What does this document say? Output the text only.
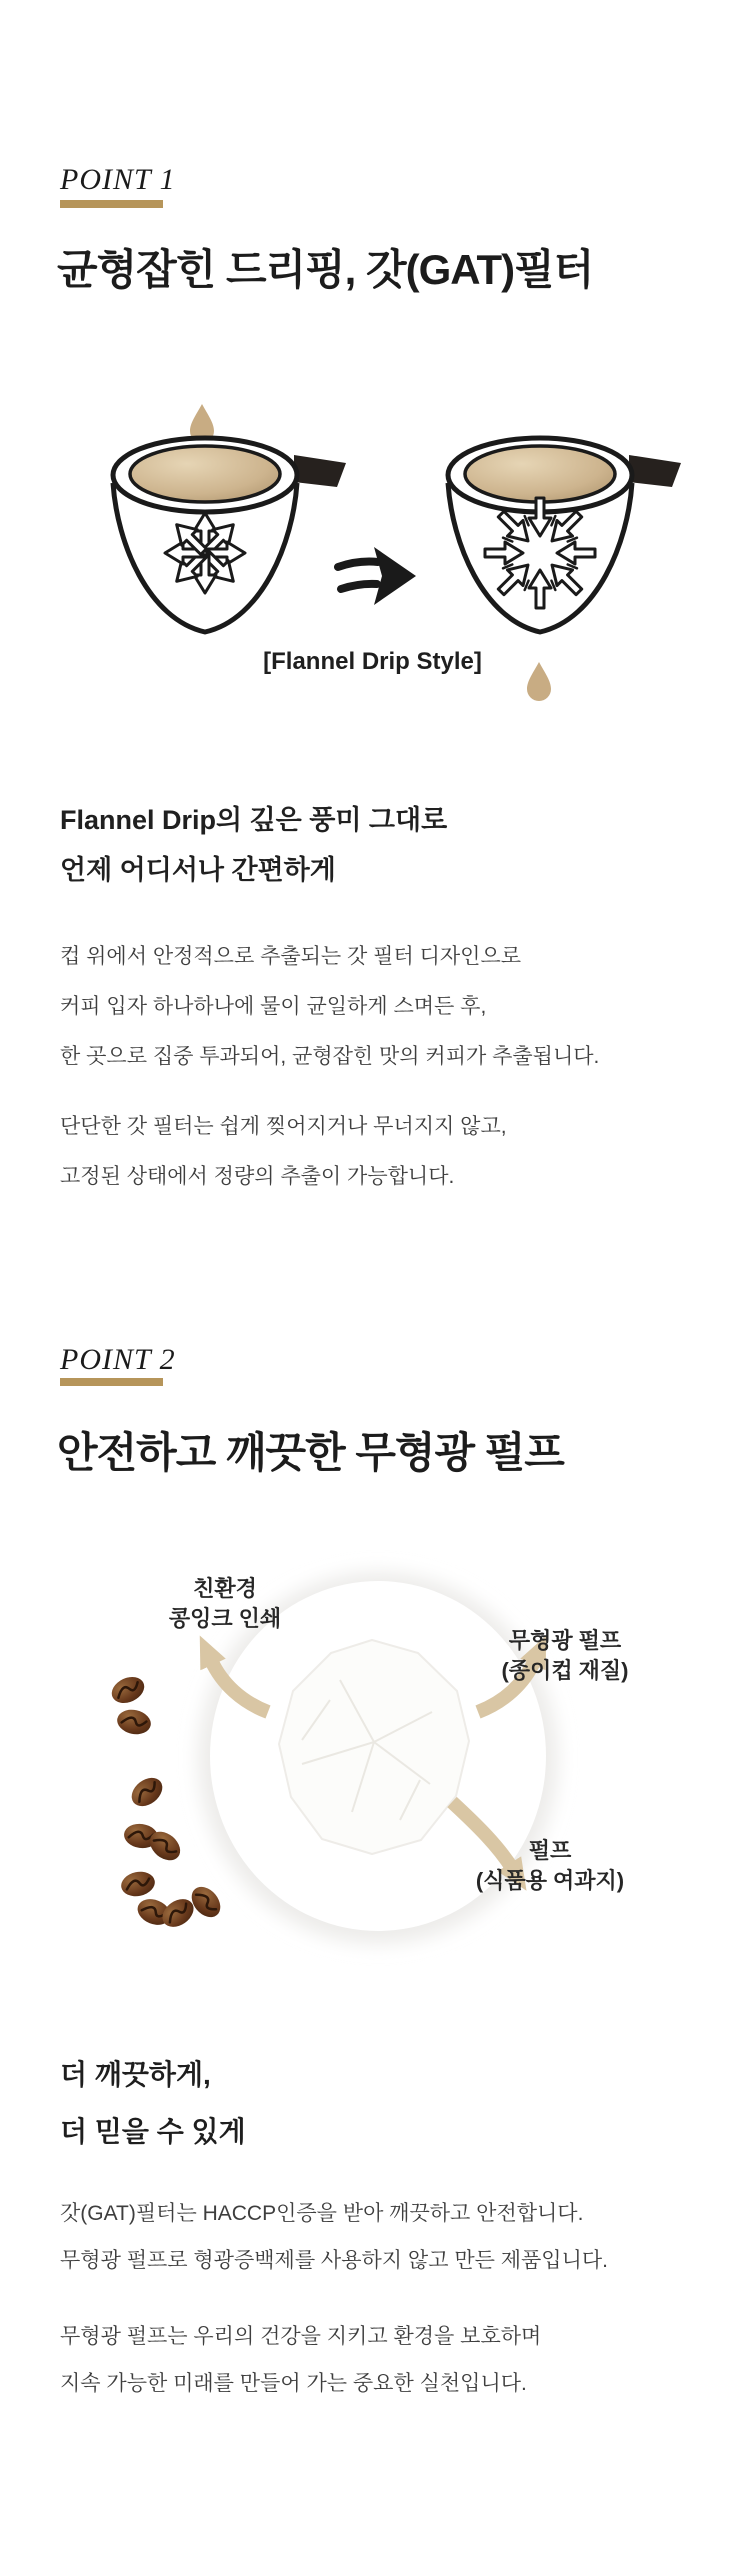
POINT 1
균형잡힌 드리핑, 갓(GAT)필터
[Flannel Drip Style]
Flannel Drip의 깊은 풍미 그대로
언제 어디서나 간편하게
컵 위에서 안정적으로 추출되는 갓 필터 디자인으로
커피 입자 하나하나에 물이 균일하게 스며든 후,
한 곳으로 집중 투과되어, 균형잡힌 맛의 커피가 추출됩니다.
단단한 갓 필터는 쉽게 찢어지거나 무너지지 않고,
고정된 상태에서 정량의 추출이 가능합니다.
POINT 2
안전하고 깨끗한 무형광 펄프
친환경
콩잉크 인쇄
무형광 펄프
(종이컵 재질)
펄프
(식품용 여과지)
더 깨끗하게,
더 믿을 수 있게
갓(GAT)필터는 HACCP인증을 받아 깨끗하고 안전합니다.
무형광 펄프로 형광증백제를 사용하지 않고 만든 제품입니다.
무형광 펄프는 우리의 건강을 지키고 환경을 보호하며
지속 가능한 미래를 만들어 가는 중요한 실천입니다.
